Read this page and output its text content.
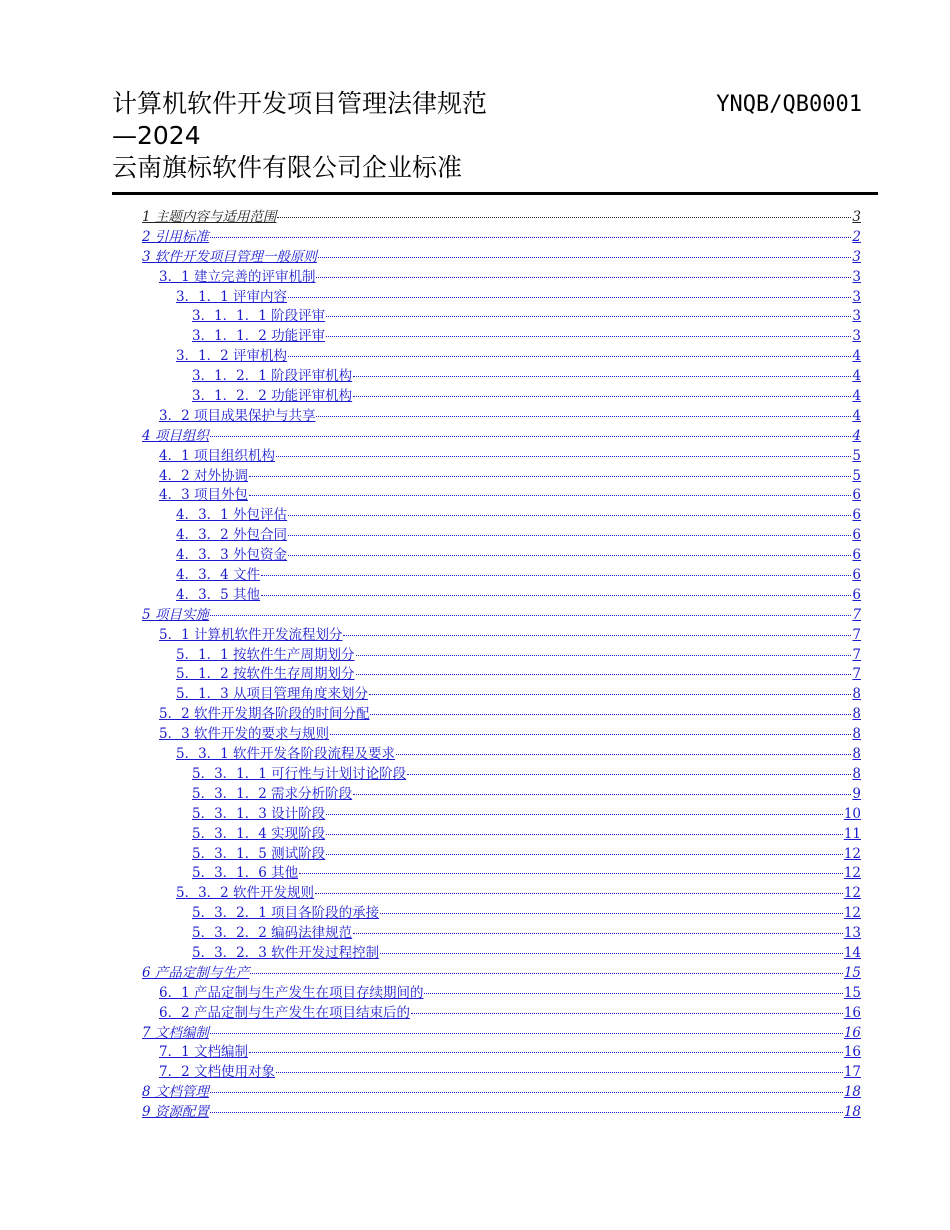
计算机软件开发项目管理法律规范
—2024
云南旗标软件有限公司企业标准
YNQB/QB0001
1 主题内容与适用范围	3
2 引用标准	2
3 软件开发项目管理一般原则	3
3．1 建立完善的评审机制	3
3．1．1 评审内容	3
3．1．1．1 阶段评审	3
3．1．1．2 功能评审	3
3．1．2 评审机构	4
3．1．2．1 阶段评审机构	4
3．1．2．2 功能评审机构	4
3．2 项目成果保护与共享	4
4 项目组织	4
4．1 项目组织机构	5
4．2 对外协调	5
4．3 项目外包	6
4．3．1 外包评估	6
4．3．2 外包合同	6
4．3．3 外包资金	6
4．3．4 文件	6
4．3．5 其他	6
5 项目实施	7
5．1 计算机软件开发流程划分	7
5．1．1 按软件生产周期划分	7
5．1．2 按软件生存周期划分	7
5．1．3 从项目管理角度来划分	8
5．2 软件开发期各阶段的时间分配	8
5．3 软件开发的要求与规则	8
5．3．1 软件开发各阶段流程及要求	8
5．3．1．1 可行性与计划讨论阶段	8
5．3．1．2 需求分析阶段	9
5．3．1．3 设计阶段	10
5．3．1．4 实现阶段	11
5．3．1．5 测试阶段	12
5．3．1．6 其他	12
5．3．2 软件开发规则	12
5．3．2．1 项目各阶段的承接	12
5．3．2．2 编码法律规范	13
5．3．2．3 软件开发过程控制	14
6 产品定制与生产	15
6．1 产品定制与生产发生在项目存续期间的	15
6．2 产品定制与生产发生在项目结束后的	16
7 文档编制	16
7．1 文档编制	16
7．2 文档使用对象	17
8 文档管理	18
9 资源配置	18
